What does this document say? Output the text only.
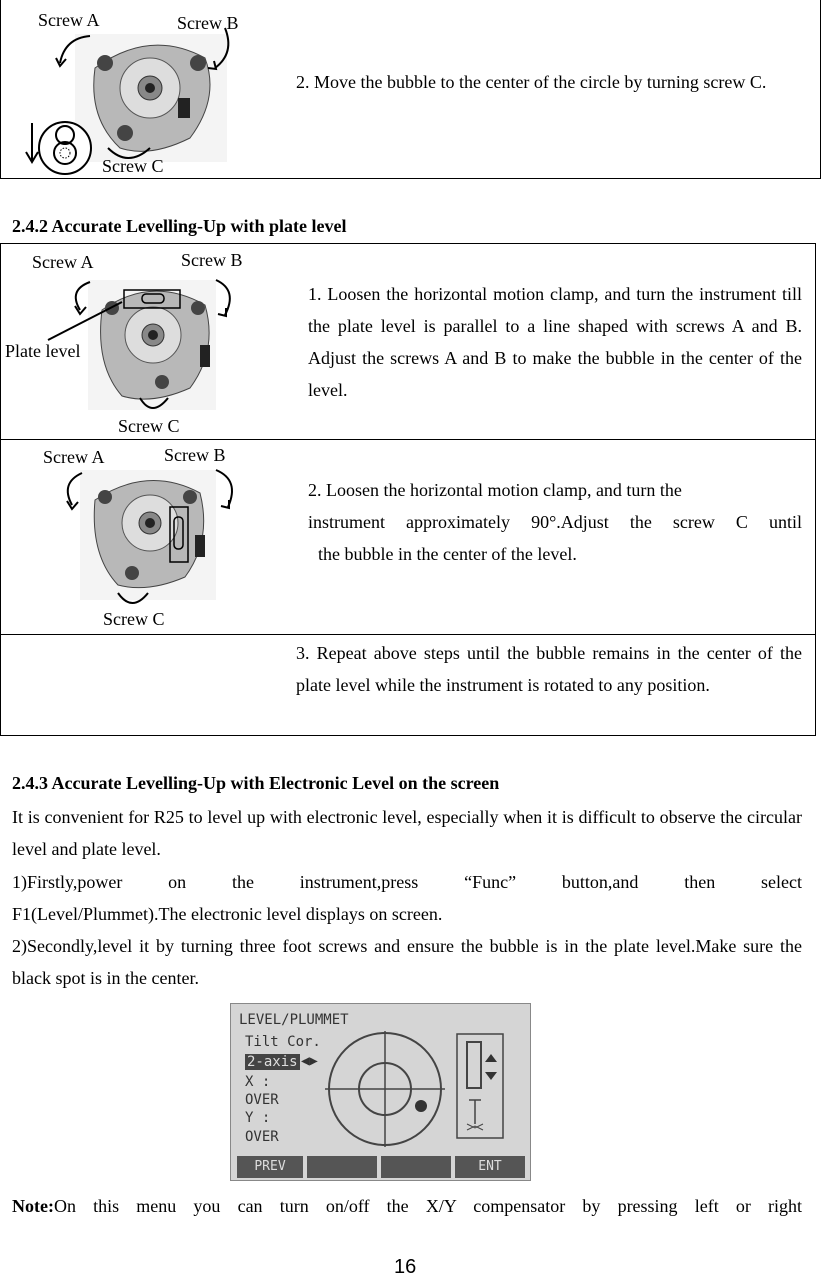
Screw A	Screw B
Screw C
2. Move the bubble to the center of the circle by turning screw C.
2.4.2 Accurate Levelling-Up with plate level
Screw A	Screw B
Plate level
Screw C
1. Loosen the horizontal motion clamp, and turn the instrument till the plate level is parallel to a line shaped with screws A and B. Adjust the screws A and B to make the bubble in the center of the level.
Screw A	Screw B
Screw C
2. Loosen the horizontal motion clamp, and turn the
instrument approximately 90°.Adjust the screw C until
the bubble in the center of the level.
3. Repeat above steps until the bubble remains in the center of the plate level while the instrument is rotated to any position.
2.4.3 Accurate Levelling-Up with Electronic Level on the screen
It is convenient for R25 to level up with electronic level, especially when it is difficult to observe the circular level and plate level.
1)Firstly,power on the instrument,press “Func” button,and then select
F1(Level/Plummet).The electronic level displays on screen.
2)Secondly,level it by turning three foot screws and ensure the bubble is in the plate level.Make sure the black spot is in the center.
LEVEL/PLUMMET
Tilt Cor.
2-axis ◀▶
X :
OVER
Y :
OVER
PREV	ENT
Note:On this menu you can turn on/off the X/Y compensator by pressing left or right
16
